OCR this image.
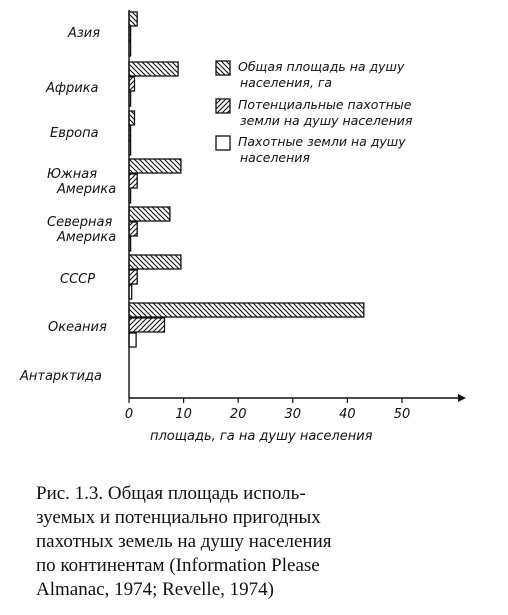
Азия
Африка
Европа
Южная
Америка
Северная
Америка
СССР
Океания
Антарктида
0	10	20	30	40	50
Общая площадь на душу
населения, га
Потенциальные пахотные
земли на душу населения
Пахотные земли на душу
населения
площадь, га на душу населения
Рис. 1.3. Общая площадь исполь-
зуемых и потенциально пригодных
пахотных земель на душу населения
по континентам (Information Please
Almanac, 1974; Revelle, 1974)
